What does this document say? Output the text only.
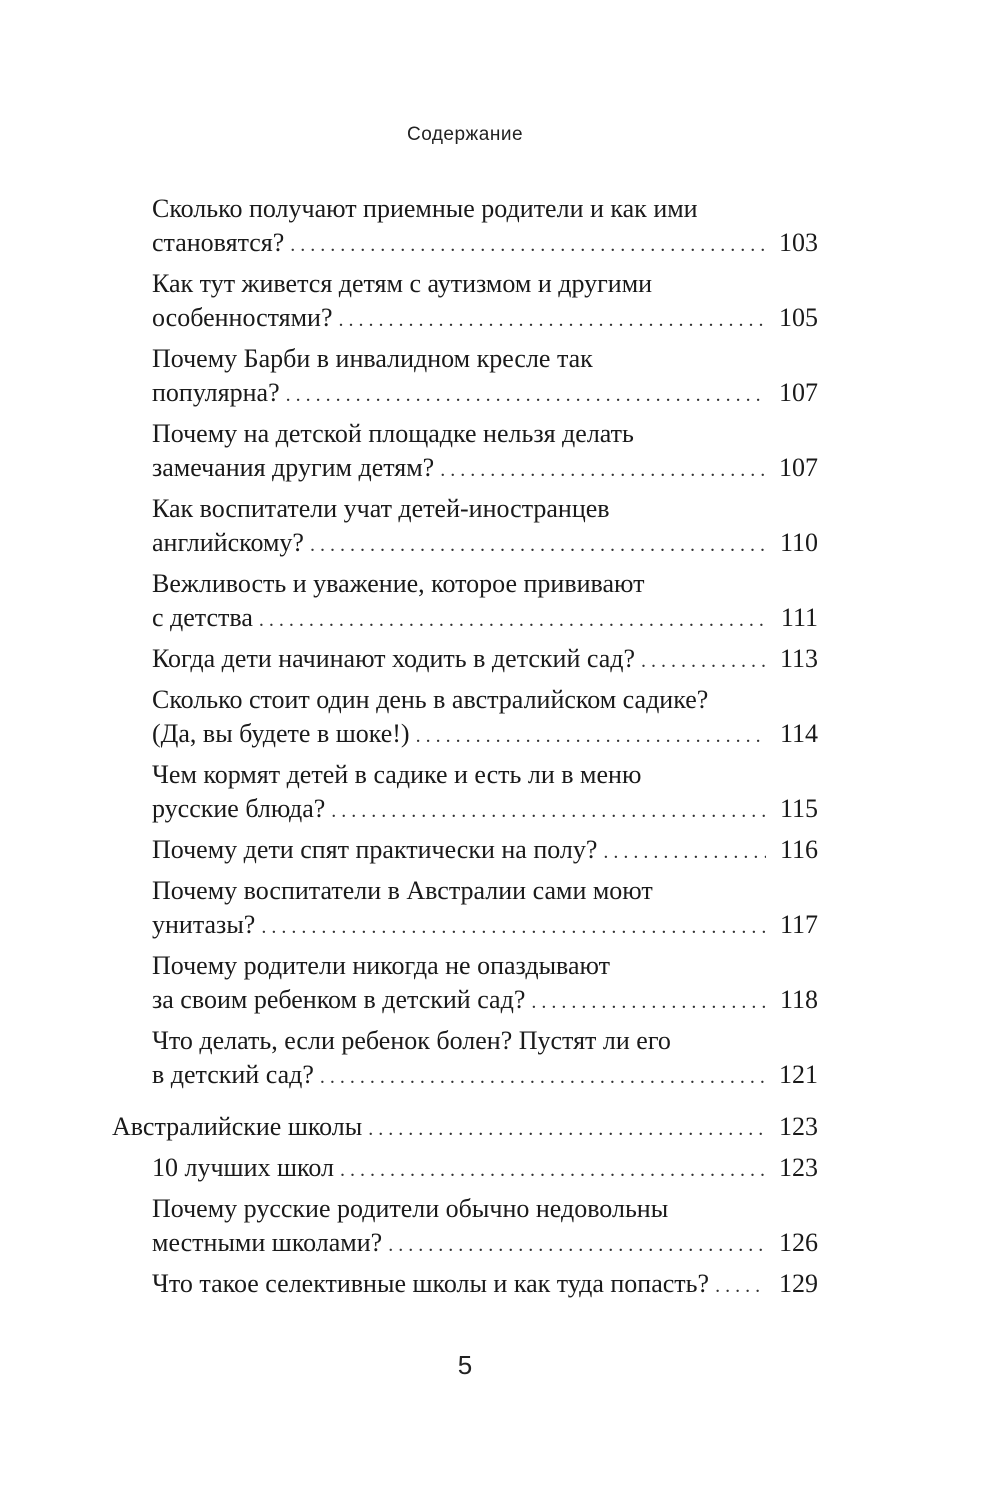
Содержание
Сколько получают приемные родители и как ими
становятся? . . .	103
Как тут живется детям с аутизмом и другими
особенностями? . . .	105
Почему Барби в инвалидном кресле так
популярна? . . .	107
Почему на детской площадке нельзя делать
замечания другим детям? . . .	107
Как воспитатели учат детей-иностранцев
английскому? . . .	110
Вежливость и уважение, которое прививают
с детства . . .	111
Когда дети начинают ходить в детский сад? . . .	113
Сколько стоит один день в австралийском садике?
(Да, вы будете в шоке!) . . .	114
Чем кормят детей в садике и есть ли в меню
русские блюда? . . .	115
Почему дети спят практически на полу? . . .	116
Почему воспитатели в Австралии сами моют
унитазы? . . .	117
Почему родители никогда не опаздывают
за своим ребенком в детский сад? . . .	118
Что делать, если ребенок болен? Пустят ли его
в детский сад? . . .	121
Австралийские школы . . .	123
10 лучших школ . . .	123
Почему русские родители обычно недовольны
местными школами? . . .	126
Что такое селективные школы и как туда попасть? . . .	129
5
